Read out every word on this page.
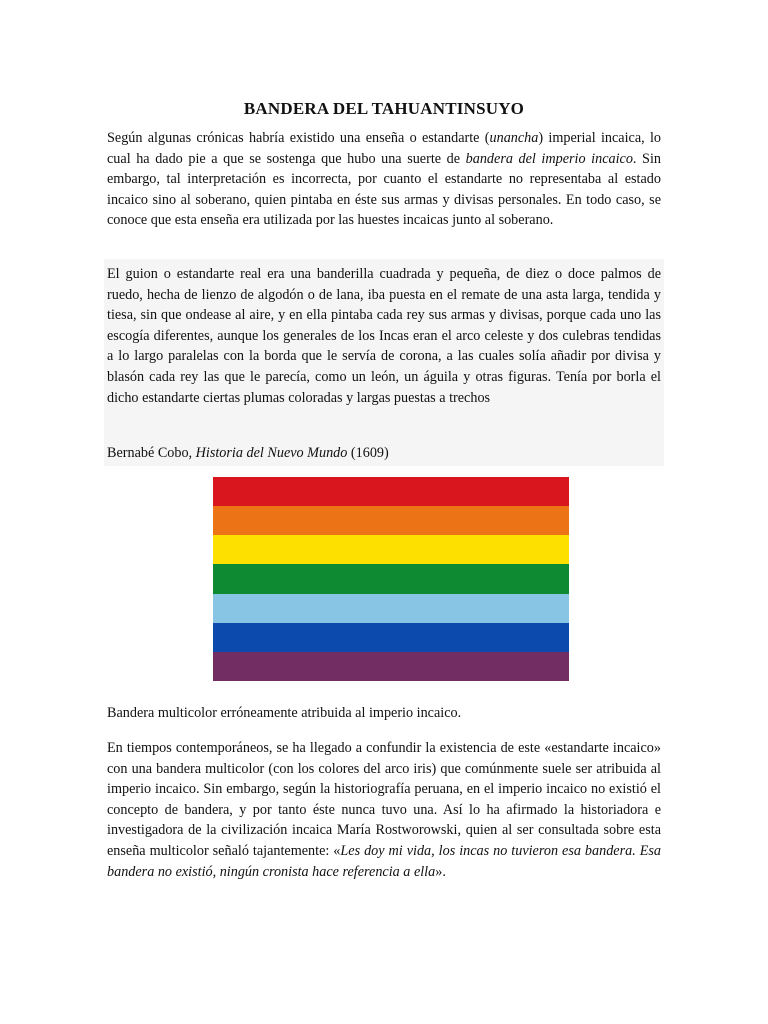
BANDERA DEL TAHUANTINSUYO

Según algunas crónicas habría existido una enseña o estandarte (unancha) imperial incaica, lo cual ha dado pie a que se sostenga que hubo una suerte de bandera del imperio incaico. Sin embargo, tal interpretación es incorrecta, por cuanto el estandarte no representaba al estado incaico sino al soberano, quien pintaba en éste sus armas y divisas personales. En todo caso, se conoce que esta enseña era utilizada por las huestes incaicas junto al soberano.

El guion o estandarte real era una banderilla cuadrada y pequeña, de diez o doce palmos de ruedo, hecha de lienzo de algodón o de lana, iba puesta en el remate de una asta larga, tendida y tiesa, sin que ondease al aire, y en ella pintaba cada rey sus armas y divisas, porque cada uno las escogía diferentes, aunque los generales de los Incas eran el arco celeste y dos culebras tendidas a lo largo paralelas con la borda que le servía de corona, a las cuales solía añadir por divisa y blasón cada rey las que le parecía, como un león, un águila y otras figuras. Tenía por borla el dicho estandarte ciertas plumas coloradas y largas puestas a trechos

Bernabé Cobo, Historia del Nuevo Mundo (1609)

Bandera multicolor erróneamente atribuida al imperio incaico.

En tiempos contemporáneos, se ha llegado a confundir la existencia de este «estandarte incaico» con una bandera multicolor (con los colores del arco iris) que comúnmente suele ser atribuida al imperio incaico. Sin embargo, según la historiografía peruana, en el imperio incaico no existió el concepto de bandera, y por tanto éste nunca tuvo una. Así lo ha afirmado la historiadora e investigadora de la civilización incaica María Rostworowski, quien al ser consultada sobre esta enseña multicolor señaló tajantemente: «Les doy mi vida, los incas no tuvieron esa bandera. Esa bandera no existió, ningún cronista hace referencia a ella».
